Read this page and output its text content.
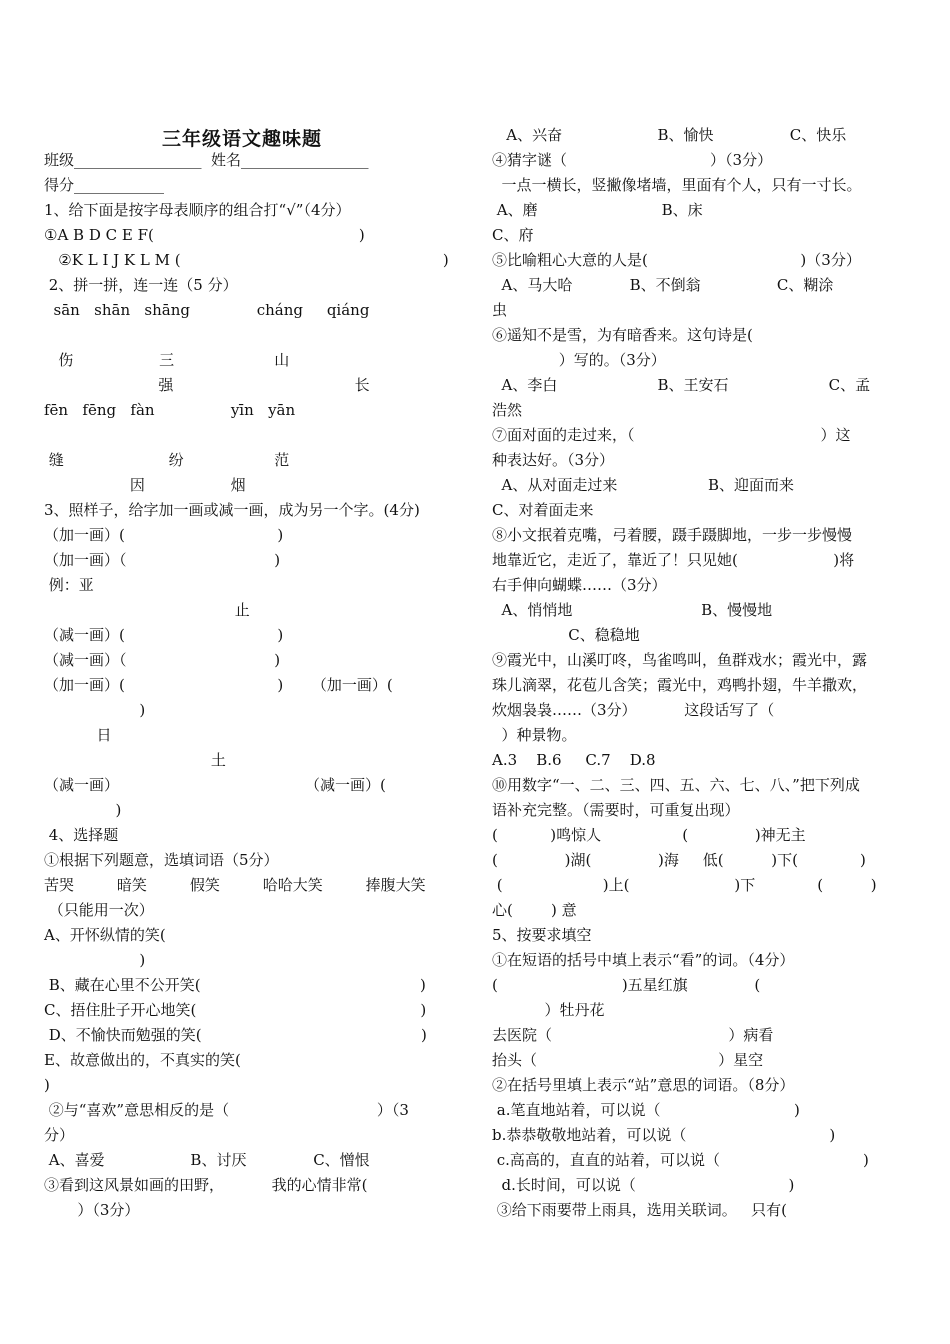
三年级语文趣味题
班级_________________  姓名_________________
得分____________
1、给下面是按字母表顺序的组合打“√”（4分）
①A B D C E F(                                           )
②K L I J K L M (                                                       )
2、拼一拼，连一连（5 分）
sān   shān   shāng              cháng     qiáng
伤                  三                     山
强                                      长
fēn   fēng   fàn                yīn   yān
缝                      纷                   范
因                  烟
3、照样子，给字加一画或减一画，成为另一个字。(4分)
（加一画）(                                )
（加一画）（                               )
例：亚
止
（减一画）(                                )
（减一画）（                               )
（加一画）(                                )      （加一画）(
)
日
土
（减一画）                                       （减一画）(
)
4、选择题
①根据下列题意，选填词语（5分）
苦哭         暗笑         假笑         哈哈大笑         捧腹大笑
（只能用一次）
A、开怀纵情的笑(
)
B、藏在心里不公开笑(                                              )
C、捂住肚子开心地笑(                                               )
D、不愉快而勉强的笑(                                              )
E、故意做出的，不真实的笑(
)
②与“喜欢”意思相反的是（                               ）（3
分）
A、喜爱                  B、讨厌              C、憎恨
③看到这风景如画的田野，          我的心情非常(
）（3分）
A、兴奋                    B、愉快                C、快乐
④猜字谜（                              ）（3分）
一点一横长，竖撇像堵墙，里面有个人，只有一寸长。
A、磨                          B、床
C、府
⑤比喻粗心大意的人是(                                )（3分）
A、马大哈            B、不倒翁                C、糊涂
虫
⑥遥知不是雪，为有暗香来。这句诗是(
）写的。（3分）
A、李白                     B、王安石                     C、孟
浩然
⑦面对面的走过来，（                                       ）这
种表达好。（3分）
A、从对面走过来                   B、迎面而来
C、对着面走来
⑧小文抿着克嘴，弓着腰，蹑手蹑脚地，一步一步慢慢
地靠近它，走近了，靠近了！只见她(                    )将
右手伸向蝴蝶……（3分）
A、悄悄地                           B、慢慢地
C、稳稳地
⑨霞光中，山溪叮咚，鸟雀鸣叫，鱼群戏水；霞光中，露
珠儿滴翠，花苞儿含笑；霞光中，鸡鸭扑翅，牛羊撒欢，
炊烟袅袅……（3分）          这段话写了（
）种景物。
A.3    B.6     C.7    D.8
⑩用数字“一、二、三、四、五、六、七、八、”把下列成
语补充完整。（需要时，可重复出现）
(           )鸣惊人                 (              )神无主
(              )湖(              )海     低(          )下(             )
(                     )上(                      )下             (          )
心(        ) 意
5、按要求填空
①在短语的括号中填上表示“看”的词。（4分）
(                          )五星红旗              (
）牡丹花
去医院（                                     ）病看
抬头（                                      ）星空
②在括号里填上表示“站”意思的词语。（8分）
a.笔直地站着，可以说（                            )
b.恭恭敬敬地站着，可以说（                              )
c.高高的，直直的站着，可以说（                              )
d.长时间，可以说（                                )
③给下雨要带上雨具，选用关联词。   只有(
